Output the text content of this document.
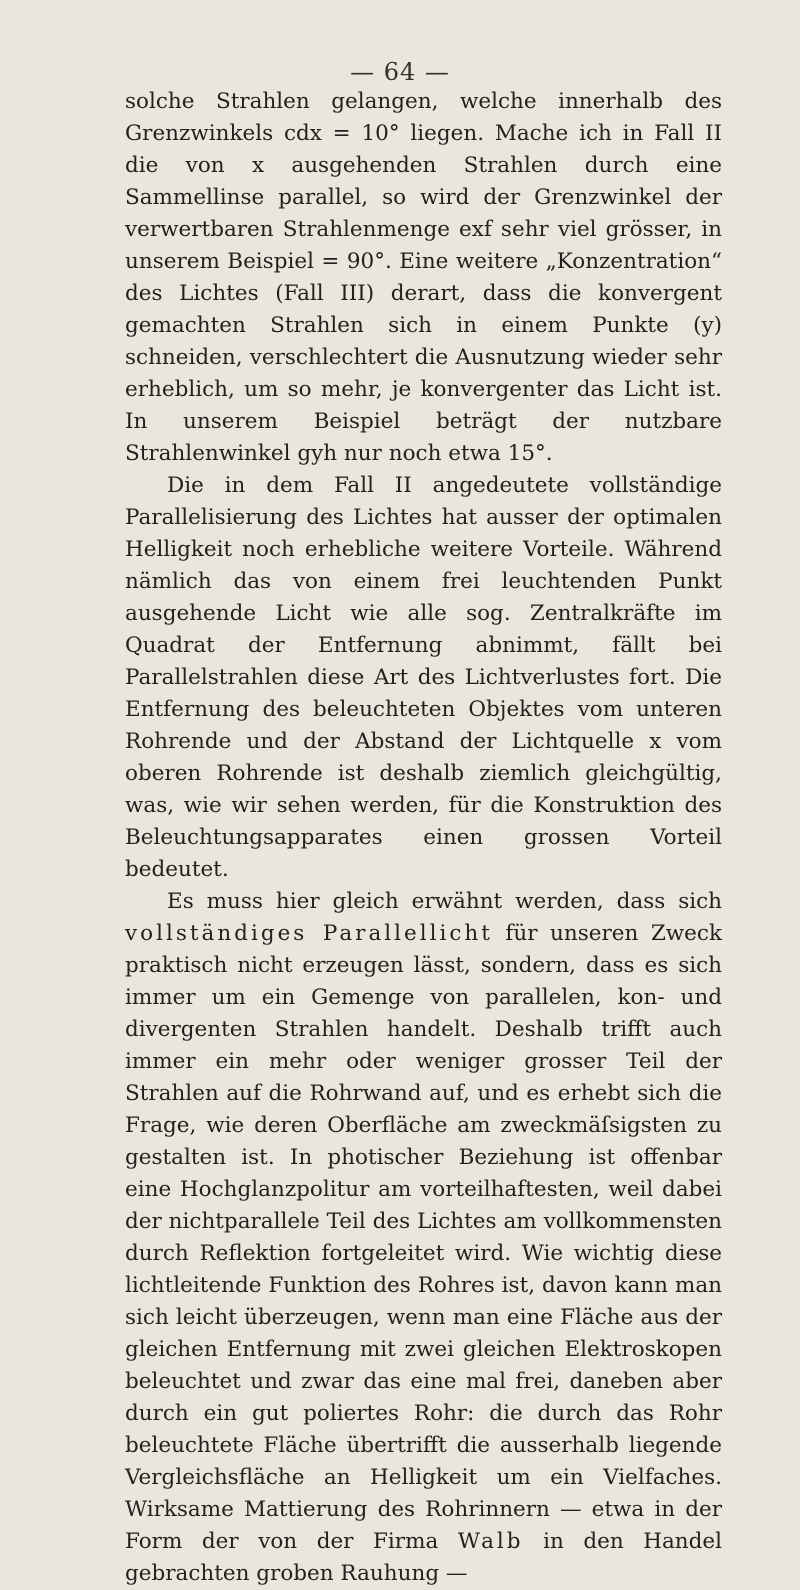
— 64 —

solche Strahlen gelangen, welche innerhalb des Grenzwinkels cdx = 10° liegen. Mache ich in Fall II die von x ausgehenden Strahlen durch eine Sammellinse parallel, so wird der Grenzwinkel der verwertbaren Strahlenmenge exf sehr viel grösser, in unserem Beispiel = 90°. Eine weitere „Konzentration“ des Lichtes (Fall III) derart, dass die konvergent gemachten Strahlen sich in einem Punkte (y) schneiden, verschlechtert die Ausnutzung wieder sehr erheblich, um so mehr, je konvergenter das Licht ist. In unserem Beispiel beträgt der nutzbare Strahlenwinkel gyh nur noch etwa 15°.

Die in dem Fall II angedeutete vollständige Parallelisierung des Lichtes hat ausser der optimalen Helligkeit noch erhebliche weitere Vorteile. Während nämlich das von einem frei leuchtenden Punkt ausgehende Licht wie alle sog. Zentralkräfte im Quadrat der Entfernung abnimmt, fällt bei Parallelstrahlen diese Art des Lichtverlustes fort. Die Entfernung des beleuchteten Objektes vom unteren Rohrende und der Abstand der Lichtquelle x vom oberen Rohrende ist deshalb ziemlich gleichgültig, was, wie wir sehen werden, für die Konstruktion des Beleuchtungsapparates einen grossen Vorteil bedeutet.

Es muss hier gleich erwähnt werden, dass sich vollständiges Parallellicht für unseren Zweck praktisch nicht erzeugen lässt, sondern, dass es sich immer um ein Gemenge von parallelen, kon- und divergenten Strahlen handelt. Deshalb trifft auch immer ein mehr oder weniger grosser Teil der Strahlen auf die Rohrwand auf, und es erhebt sich die Frage, wie deren Oberfläche am zweckmäſsigsten zu gestalten ist. In photischer Beziehung ist offenbar eine Hochglanzpolitur am vorteilhaftesten, weil dabei der nichtparallele Teil des Lichtes am vollkommensten durch Reflektion fortgeleitet wird. Wie wichtig diese lichtleitende Funktion des Rohres ist, davon kann man sich leicht überzeugen, wenn man eine Fläche aus der gleichen Entfernung mit zwei gleichen Elektroskopen beleuchtet und zwar das eine mal frei, daneben aber durch ein gut poliertes Rohr: die durch das Rohr beleuchtete Fläche übertrifft die ausserhalb liegende Vergleichsfläche an Helligkeit um ein Vielfaches. Wirksame Mattierung des Rohrinnern — etwa in der Form der von der Firma Walb in den Handel gebrachten groben Rauhung —
